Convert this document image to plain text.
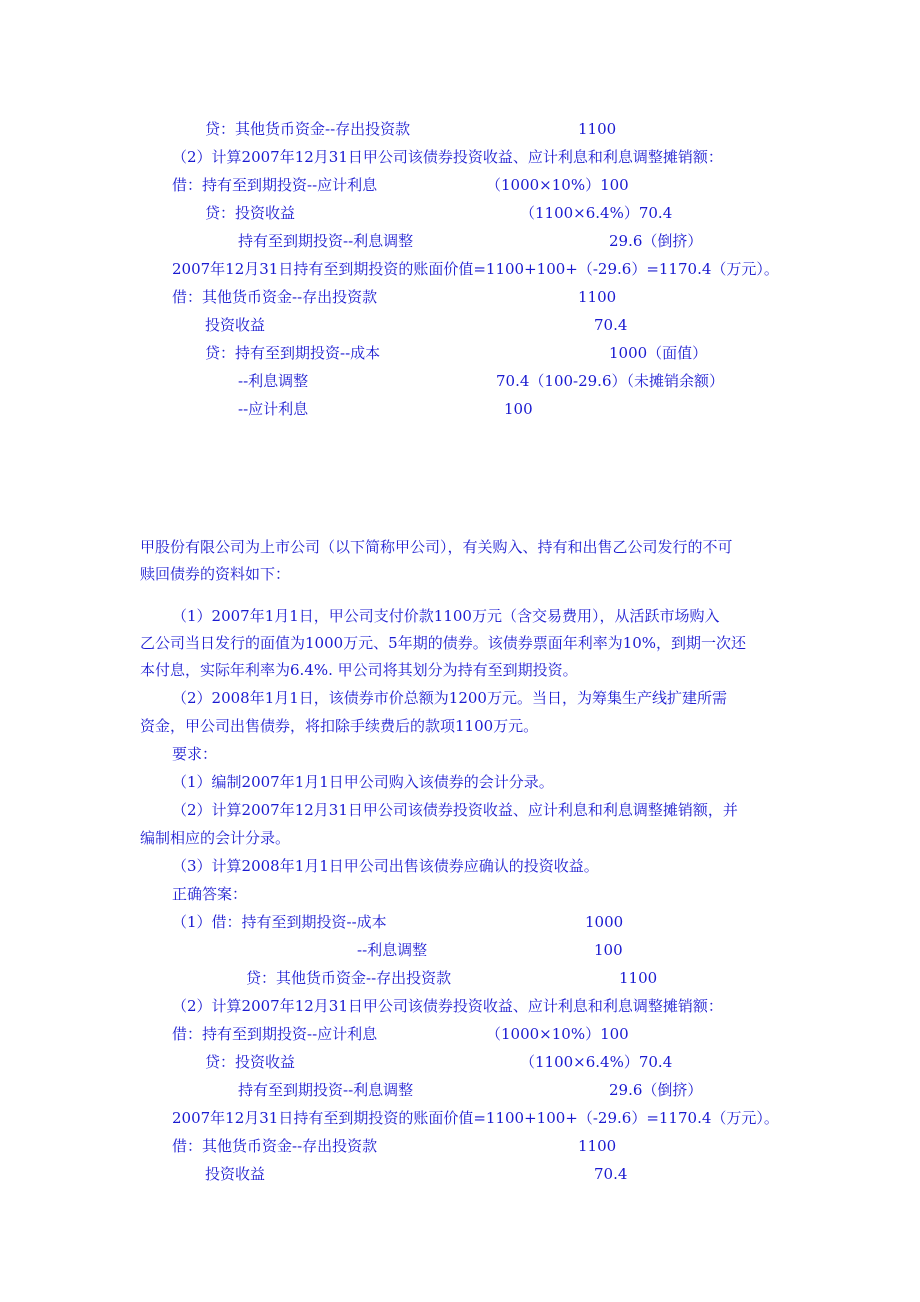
贷：其他货币资金--存出投资款	1100
（2）计算2007年12月31日甲公司该债券投资收益、应计利息和利息调整摊销额：
借：持有至到期投资--应计利息	（1000×10%）100
贷：投资收益	（1100×6.4%）70.4
持有至到期投资--利息调整	29.6（倒挤）
2007年12月31日持有至到期投资的账面价值=1100+100+（-29.6）=1170.4（万元）。
借：其他货币资金--存出投资款	1100
投资收益	70.4
贷：持有至到期投资--成本	1000（面值）
--利息调整	70.4（100-29.6）（未摊销余额）
--应计利息	100
甲股份有限公司为上市公司（以下简称甲公司），有关购入、持有和出售乙公司发行的不可
赎回债券的资料如下：
（1）2007年1月1日，甲公司支付价款1100万元（含交易费用），从活跃市场购入
乙公司当日发行的面值为1000万元、5年期的债券。该债券票面年利率为10%，到期一次还
本付息，实际年利率为6.4%. 甲公司将其划分为持有至到期投资。
（2）2008年1月1日，该债券市价总额为1200万元。当日，为筹集生产线扩建所需
资金，甲公司出售债券，将扣除手续费后的款项1100万元。
要求：
（1）编制2007年1月1日甲公司购入该债券的会计分录。
（2）计算2007年12月31日甲公司该债券投资收益、应计利息和利息调整摊销额，并
编制相应的会计分录。
（3）计算2008年1月1日甲公司出售该债券应确认的投资收益。
正确答案：
（1）借：持有至到期投资--成本	1000
--利息调整	100
贷：其他货币资金--存出投资款	1100
（2）计算2007年12月31日甲公司该债券投资收益、应计利息和利息调整摊销额：
借：持有至到期投资--应计利息	（1000×10%）100
贷：投资收益	（1100×6.4%）70.4
持有至到期投资--利息调整	29.6（倒挤）
2007年12月31日持有至到期投资的账面价值=1100+100+（-29.6）=1170.4（万元）。
借：其他货币资金--存出投资款	1100
投资收益	70.4
